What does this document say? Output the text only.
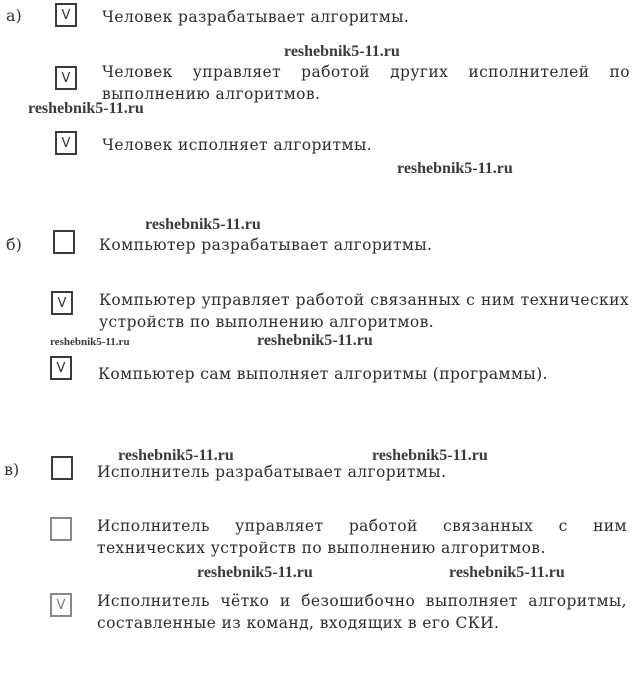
а)	V	Человек разрабатывает алгоритмы.
V	Человек управляет работой других исполнителей по выполнению алгоритмов.
V	Человек исполняет алгоритмы.
б)	Компьютер разрабатывает алгоритмы.
V	Компьютер управляет работой связанных с ним технических устройств по выполнению алгоритмов.
V	Компьютер сам выполняет алгоритмы (программы).
в)	Исполнитель разрабатывает алгоритмы.
Исполнитель управляет работой связанных с ним технических устройств по выполнению алгоритмов.
V	Исполнитель чётко и безошибочно выполняет алгоритмы, составленные из команд, входящих в его СКИ.
reshebnik5-11.ru
reshebnik5-11.ru
reshebnik5-11.ru
reshebnik5-11.ru
reshebnik5-11.ru	reshebnik5-11.ru
reshebnik5-11.ru	reshebnik5-11.ru
reshebnik5-11.ru	reshebnik5-11.ru
